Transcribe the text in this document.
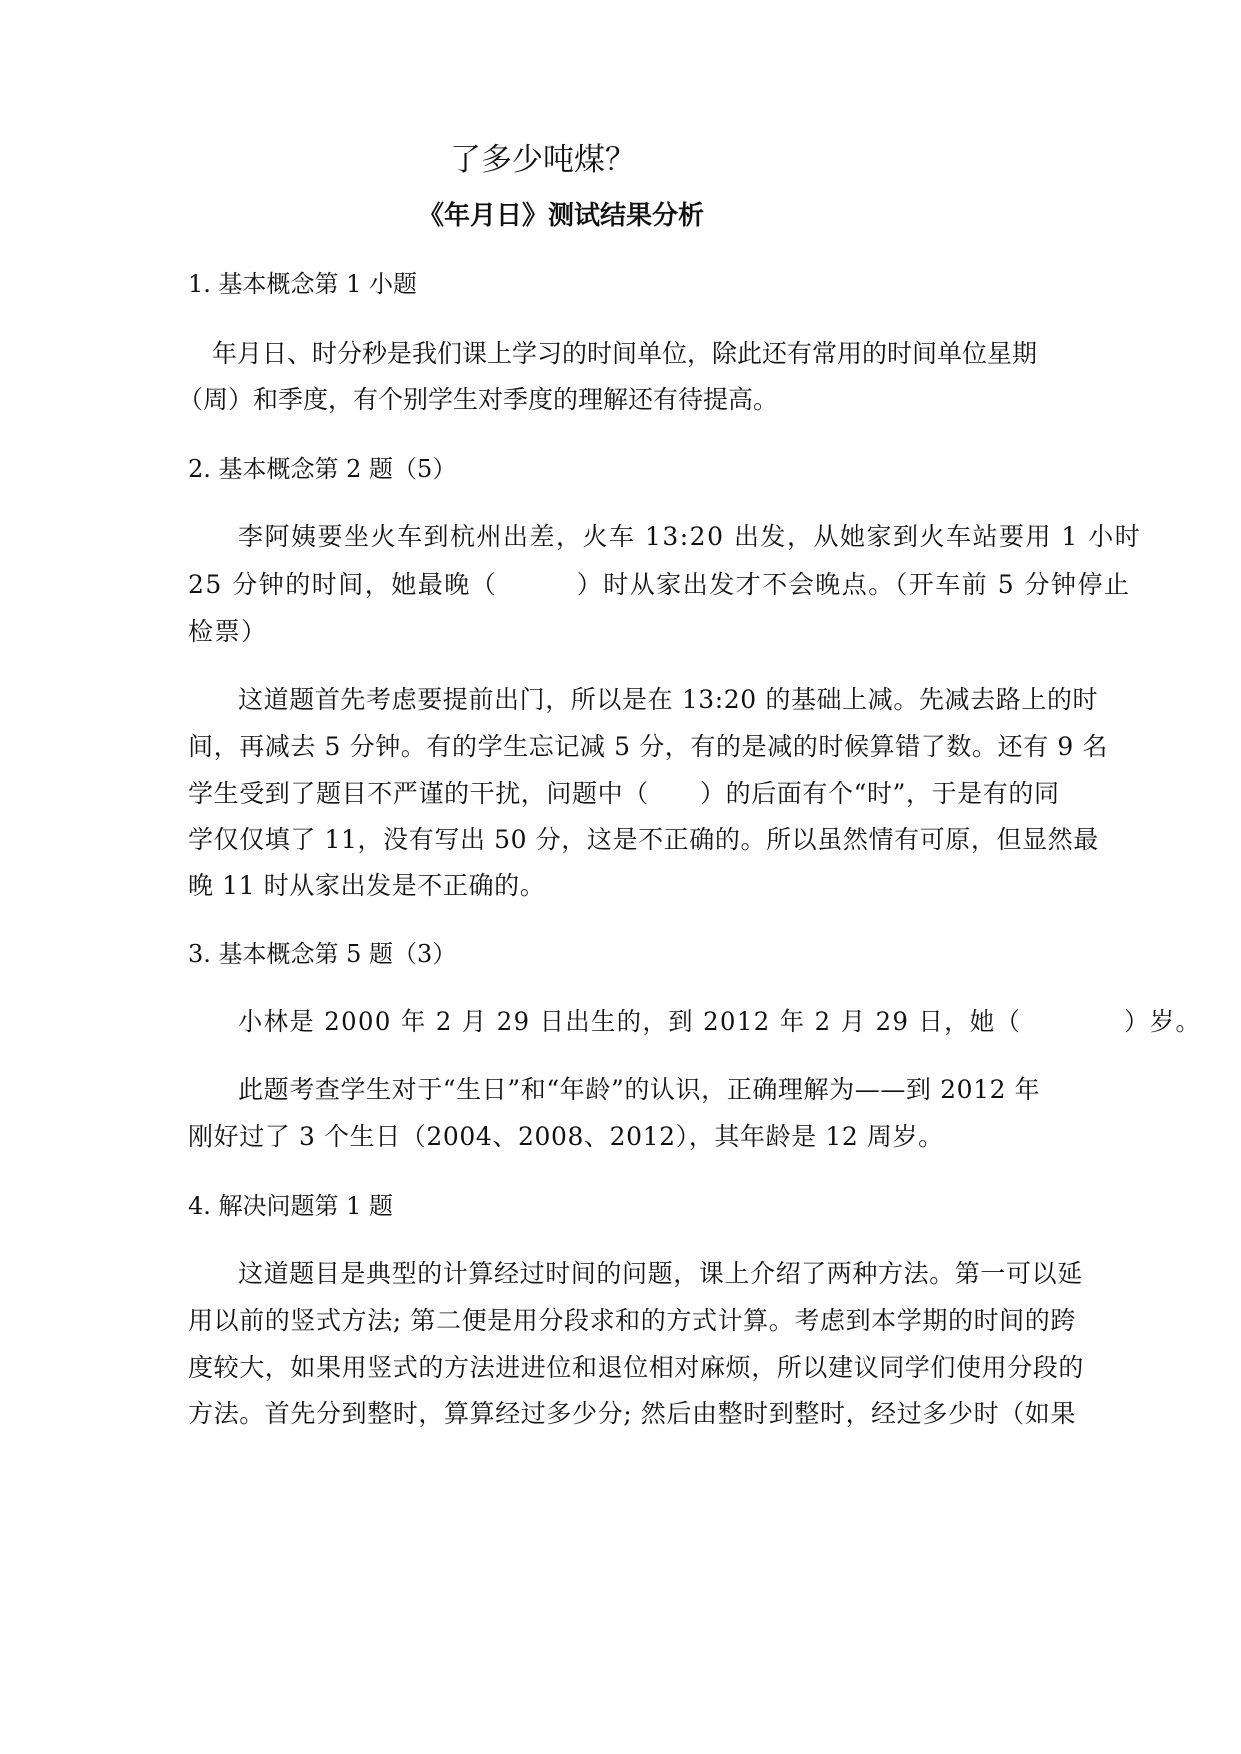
了多少吨煤？

《年月日》测试结果分析

1. 基本概念第 1 小题

年月日、时分秒是我们课上学习的时间单位，除此还有常用的时间单位星期

（周）和季度，有个别学生对季度的理解还有待提高。

2. 基本概念第 2 题（5）

李阿姨要坐火车到杭州出差，火车 13:20 出发，从她家到火车站要用 1 小时

25 分钟的时间，她最晚（　　　）时从家出发才不会晚点。（开车前 5 分钟停止

检票）

这道题首先考虑要提前出门，所以是在 13:20 的基础上减。先减去路上的时

间，再减去 5 分钟。有的学生忘记减 5 分，有的是减的时候算错了数。还有 9 名

学生受到了题目不严谨的干扰，问题中（　　）的后面有个“时”，于是有的同

学仅仅填了 11，没有写出 50 分，这是不正确的。所以虽然情有可原，但显然最

晚 11 时从家出发是不正确的。

3. 基本概念第 5 题（3）

小林是 2000 年 2 月 29 日出生的，到 2012 年 2 月 29 日，她（　　　　）岁。

此题考查学生对于“生日”和“年龄”的认识，正确理解为——到 2012 年

刚好过了 3 个生日（2004、2008、2012），其年龄是 12 周岁。

4. 解决问题第 1 题

这道题目是典型的计算经过时间的问题，课上介绍了两种方法。第一可以延

用以前的竖式方法; 第二便是用分段求和的方式计算。考虑到本学期的时间的跨

度较大，如果用竖式的方法进进位和退位相对麻烦，所以建议同学们使用分段的

方法。首先分到整时，算算经过多少分; 然后由整时到整时，经过多少时（如果
